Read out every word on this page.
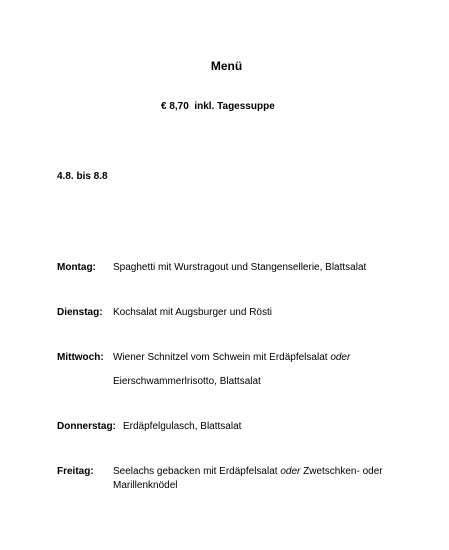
Menü
€ 8,70  inkl. Tagessuppe
4.8. bis 8.8
Montag: Spaghetti mit Wurstragout und Stangensellerie, Blattsalat
Dienstag: Kochsalat mit Augsburger und Rösti
Mittwoch: Wiener Schnitzel vom Schwein mit Erdäpfelsalat oder
Eierschwammerlrisotto, Blattsalat
Donnerstag: Erdäpfelgulasch, Blattsalat
Freitag: Seelachs gebacken mit Erdäpfelsalat oder Zwetschken- oder
Marillenknödel
